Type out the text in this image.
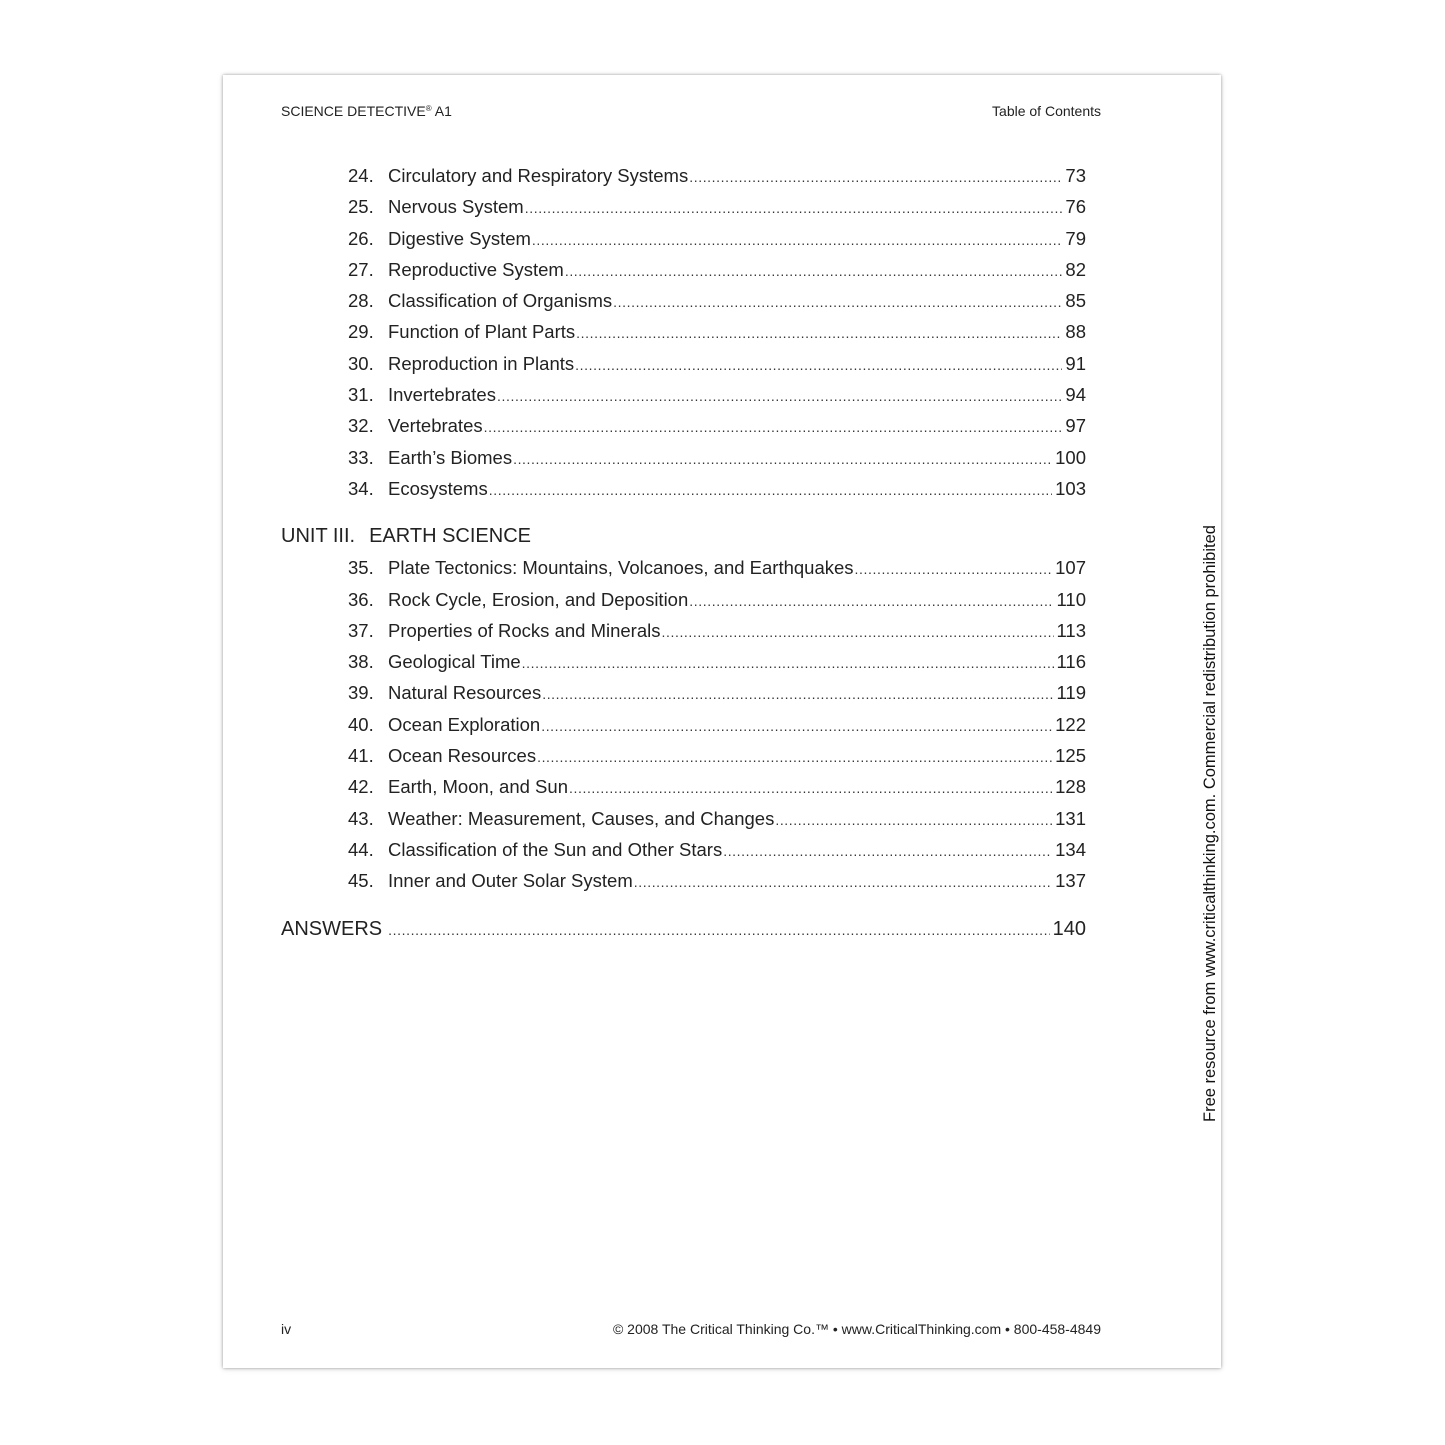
SCIENCE DETECTIVE® A1	Table of Contents
24. Circulatory and Respiratory Systems .....	73
25. Nervous System .....	76
26. Digestive System .....	79
27. Reproductive System .....	82
28. Classification of Organisms .....	85
29. Function of Plant Parts .....	88
30. Reproduction in Plants .....	91
31. Invertebrates .....	94
32. Vertebrates .....	97
33. Earth’s Biomes .....	100
34. Ecosystems .....	103
UNIT III. EARTH SCIENCE
35. Plate Tectonics: Mountains, Volcanoes, and Earthquakes .....	107
36. Rock Cycle, Erosion, and Deposition .....	110
37. Properties of Rocks and Minerals .....	113
38. Geological Time .....	116
39. Natural Resources .....	119
40. Ocean Exploration .....	122
41. Ocean Resources .....	125
42. Earth, Moon, and Sun .....	128
43. Weather: Measurement, Causes, and Changes .....	131
44. Classification of the Sun and Other Stars .....	134
45. Inner and Outer Solar System .....	137
ANSWERS .....	140	Free resource from www.criticalthinking.com. Commercial redistribution prohibited
iv	© 2008 The Critical Thinking Co.™ • www.CriticalThinking.com • 800-458-4849
